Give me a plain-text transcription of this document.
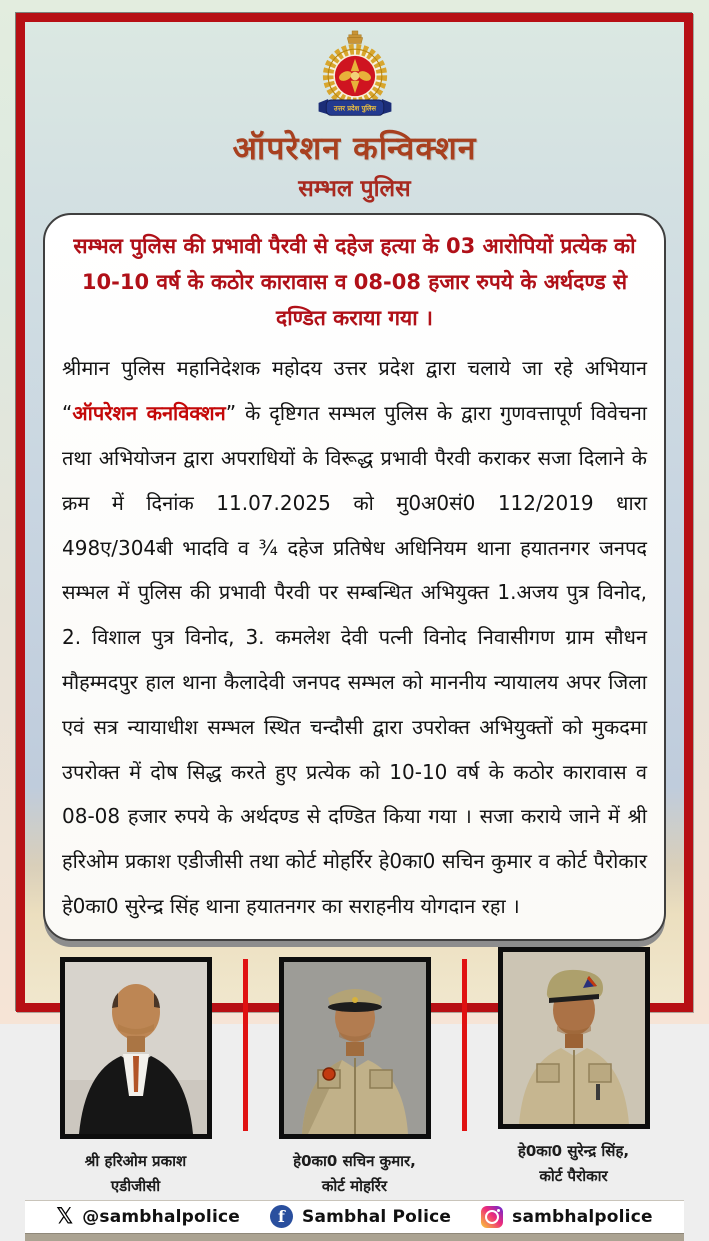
उत्तर प्रदेश पुलिस
ऑपरेशन कन्विक्शन
सम्भल पुलिस

सम्भल पुलिस की प्रभावी पैरवी से दहेज हत्या के 03 आरोपियों प्रत्येक को 10-10 वर्ष के कठोर कारावास व 08-08 हजार रुपये के अर्थदण्ड से दण्डित कराया गया ।

श्रीमान पुलिस महानिदेशक महोदय उत्तर प्रदेश द्वारा चलाये जा रहे अभियान “ऑपरेशन कनविक्शन” के दृष्टिगत सम्भल पुलिस के द्वारा गुणवत्तापूर्ण विवेचना तथा अभियोजन द्वारा अपराधियों के विरूद्ध प्रभावी पैरवी कराकर सजा दिलाने के क्रम में दिनांक 11.07.2025 को मु0अ0सं0 112/2019 धारा 498ए/304बी भादवि व ¾ दहेज प्रतिषेध अधिनियम थाना हयातनगर जनपद सम्भल में पुलिस की प्रभावी पैरवी पर सम्बन्धित अभियुक्त 1.अजय पुत्र विनोद, 2. विशाल पुत्र विनोद, 3. कमलेश देवी पत्नी विनोद निवासीगण ग्राम सौधन मौहम्मदपुर हाल थाना कैलादेवी जनपद सम्भल को माननीय न्यायालय अपर जिला एवं सत्र न्यायाधीश सम्भल स्थित चन्दौसी द्वारा उपरोक्त अभियुक्तों को मुकदमा उपरोक्त में दोष सिद्ध करते हुए प्रत्येक को 10-10 वर्ष के कठोर कारावास व 08-08 हजार रुपये के अर्थदण्ड से दण्डित किया गया । सजा कराये जाने में श्री हरिओम प्रकाश एडीजीसी तथा कोर्ट मोहर्रिर हे0का0 सचिन कुमार व कोर्ट पैरोकार हे0का0 सुरेन्द्र सिंह थाना हयातनगर का सराहनीय योगदान रहा ।

श्री हरिओम प्रकाश
एडीजीसी
हे0का0 सचिन कुमार,
कोर्ट मोहर्रिर
हे0का0 सुरेन्द्र सिंह,
कोर्ट पैरोकार
𝕏 @sambhalpolice	f	Sambhal Police	sambhalpolice
